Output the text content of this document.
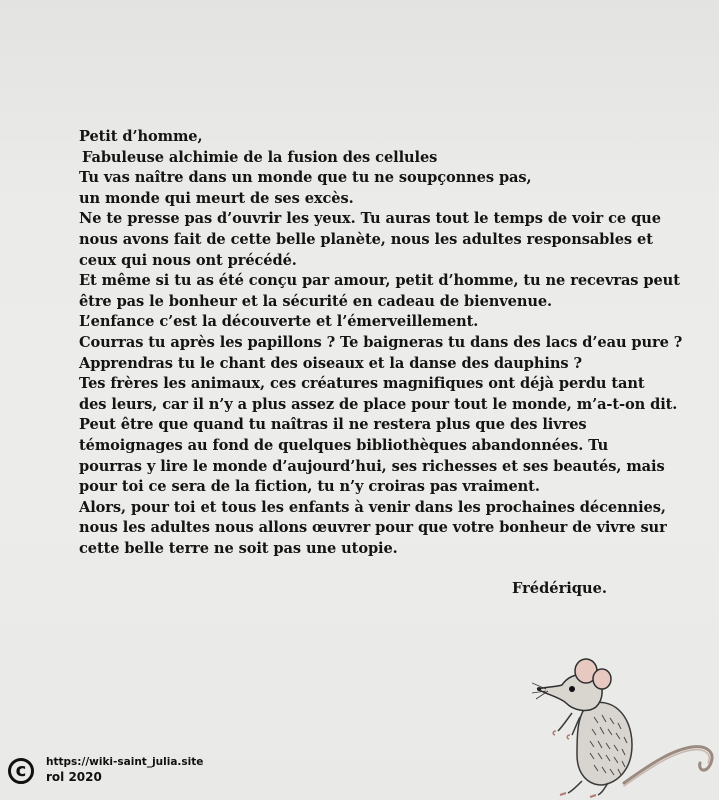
Petit d’homme,
Fabuleuse alchimie de la fusion des cellules
Tu vas naître dans un monde que tu ne soupçonnes pas,
un monde qui meurt de ses excès.
Ne te presse pas d’ouvrir les yeux. Tu auras tout le temps de voir ce que
nous avons fait de cette belle planète, nous les adultes responsables et
ceux qui nous ont précédé.
Et même si tu as été conçu par amour, petit d’homme, tu ne recevras peut
être pas le bonheur et la sécurité en cadeau de bienvenue.
L’enfance c’est la découverte et l’émerveillement.
Courras tu après les papillons ? Te baigneras tu dans des lacs d’eau pure ?
Apprendras tu le chant des oiseaux et la danse des dauphins ?
Tes frères les animaux, ces créatures magnifiques ont déjà perdu tant
des leurs, car il n’y a plus assez de place pour tout le monde, m’a-t-on dit.
Peut être que quand tu naîtras il ne restera plus que des livres
témoignages au fond de quelques bibliothèques abandonnées. Tu
pourras y lire le monde d’aujourd’hui, ses richesses et ses beautés, mais
pour toi ce sera de la fiction, tu n’y croiras pas vraiment.
Alors, pour toi et tous les enfants à venir dans les prochaines décennies,
nous les adultes nous allons œuvrer pour que votre bonheur de vivre sur
cette belle terre ne soit pas une utopie.
Frédérique.
c	https://wiki-saint_julia.site
rol 2020
